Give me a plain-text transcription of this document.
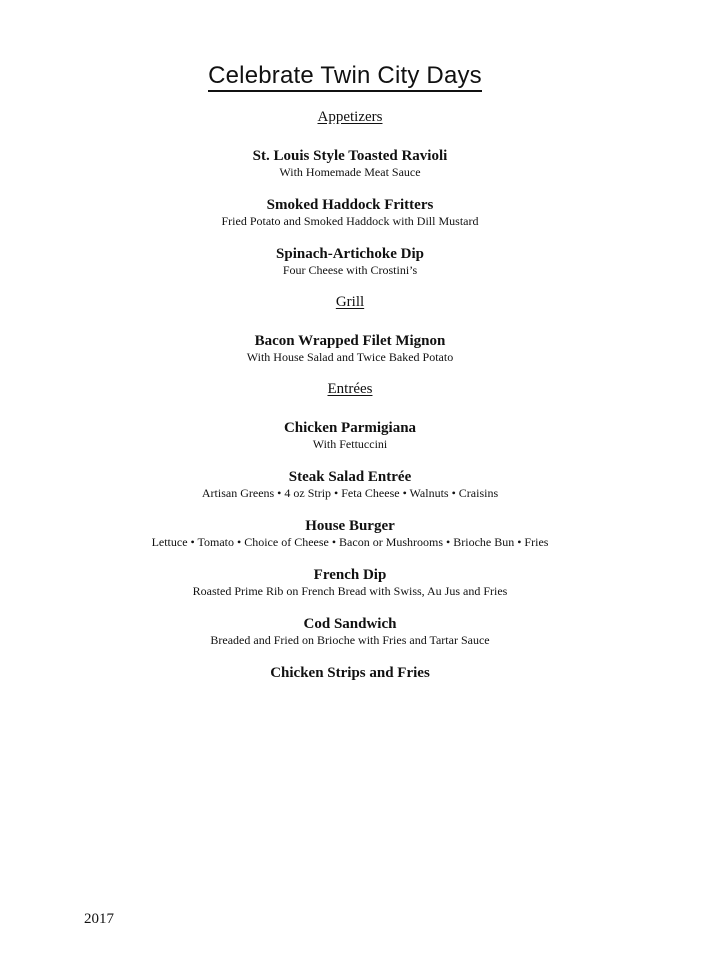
Celebrate Twin City Days
Appetizers
St. Louis Style Toasted Ravioli
With Homemade Meat Sauce
Smoked Haddock Fritters
Fried Potato and Smoked Haddock with Dill Mustard
Spinach-Artichoke Dip
Four Cheese with Crostini’s
Grill
Bacon Wrapped Filet Mignon
With House Salad and Twice Baked Potato
Entrées
Chicken Parmigiana
With Fettuccini
Steak Salad Entrée
Artisan Greens • 4 oz Strip • Feta Cheese • Walnuts • Craisins
House Burger
Lettuce • Tomato • Choice of Cheese • Bacon or Mushrooms • Brioche Bun • Fries
French Dip
Roasted Prime Rib on French Bread with Swiss, Au Jus and Fries
Cod Sandwich
Breaded and Fried on Brioche with Fries and Tartar Sauce
Chicken Strips and Fries
2017
